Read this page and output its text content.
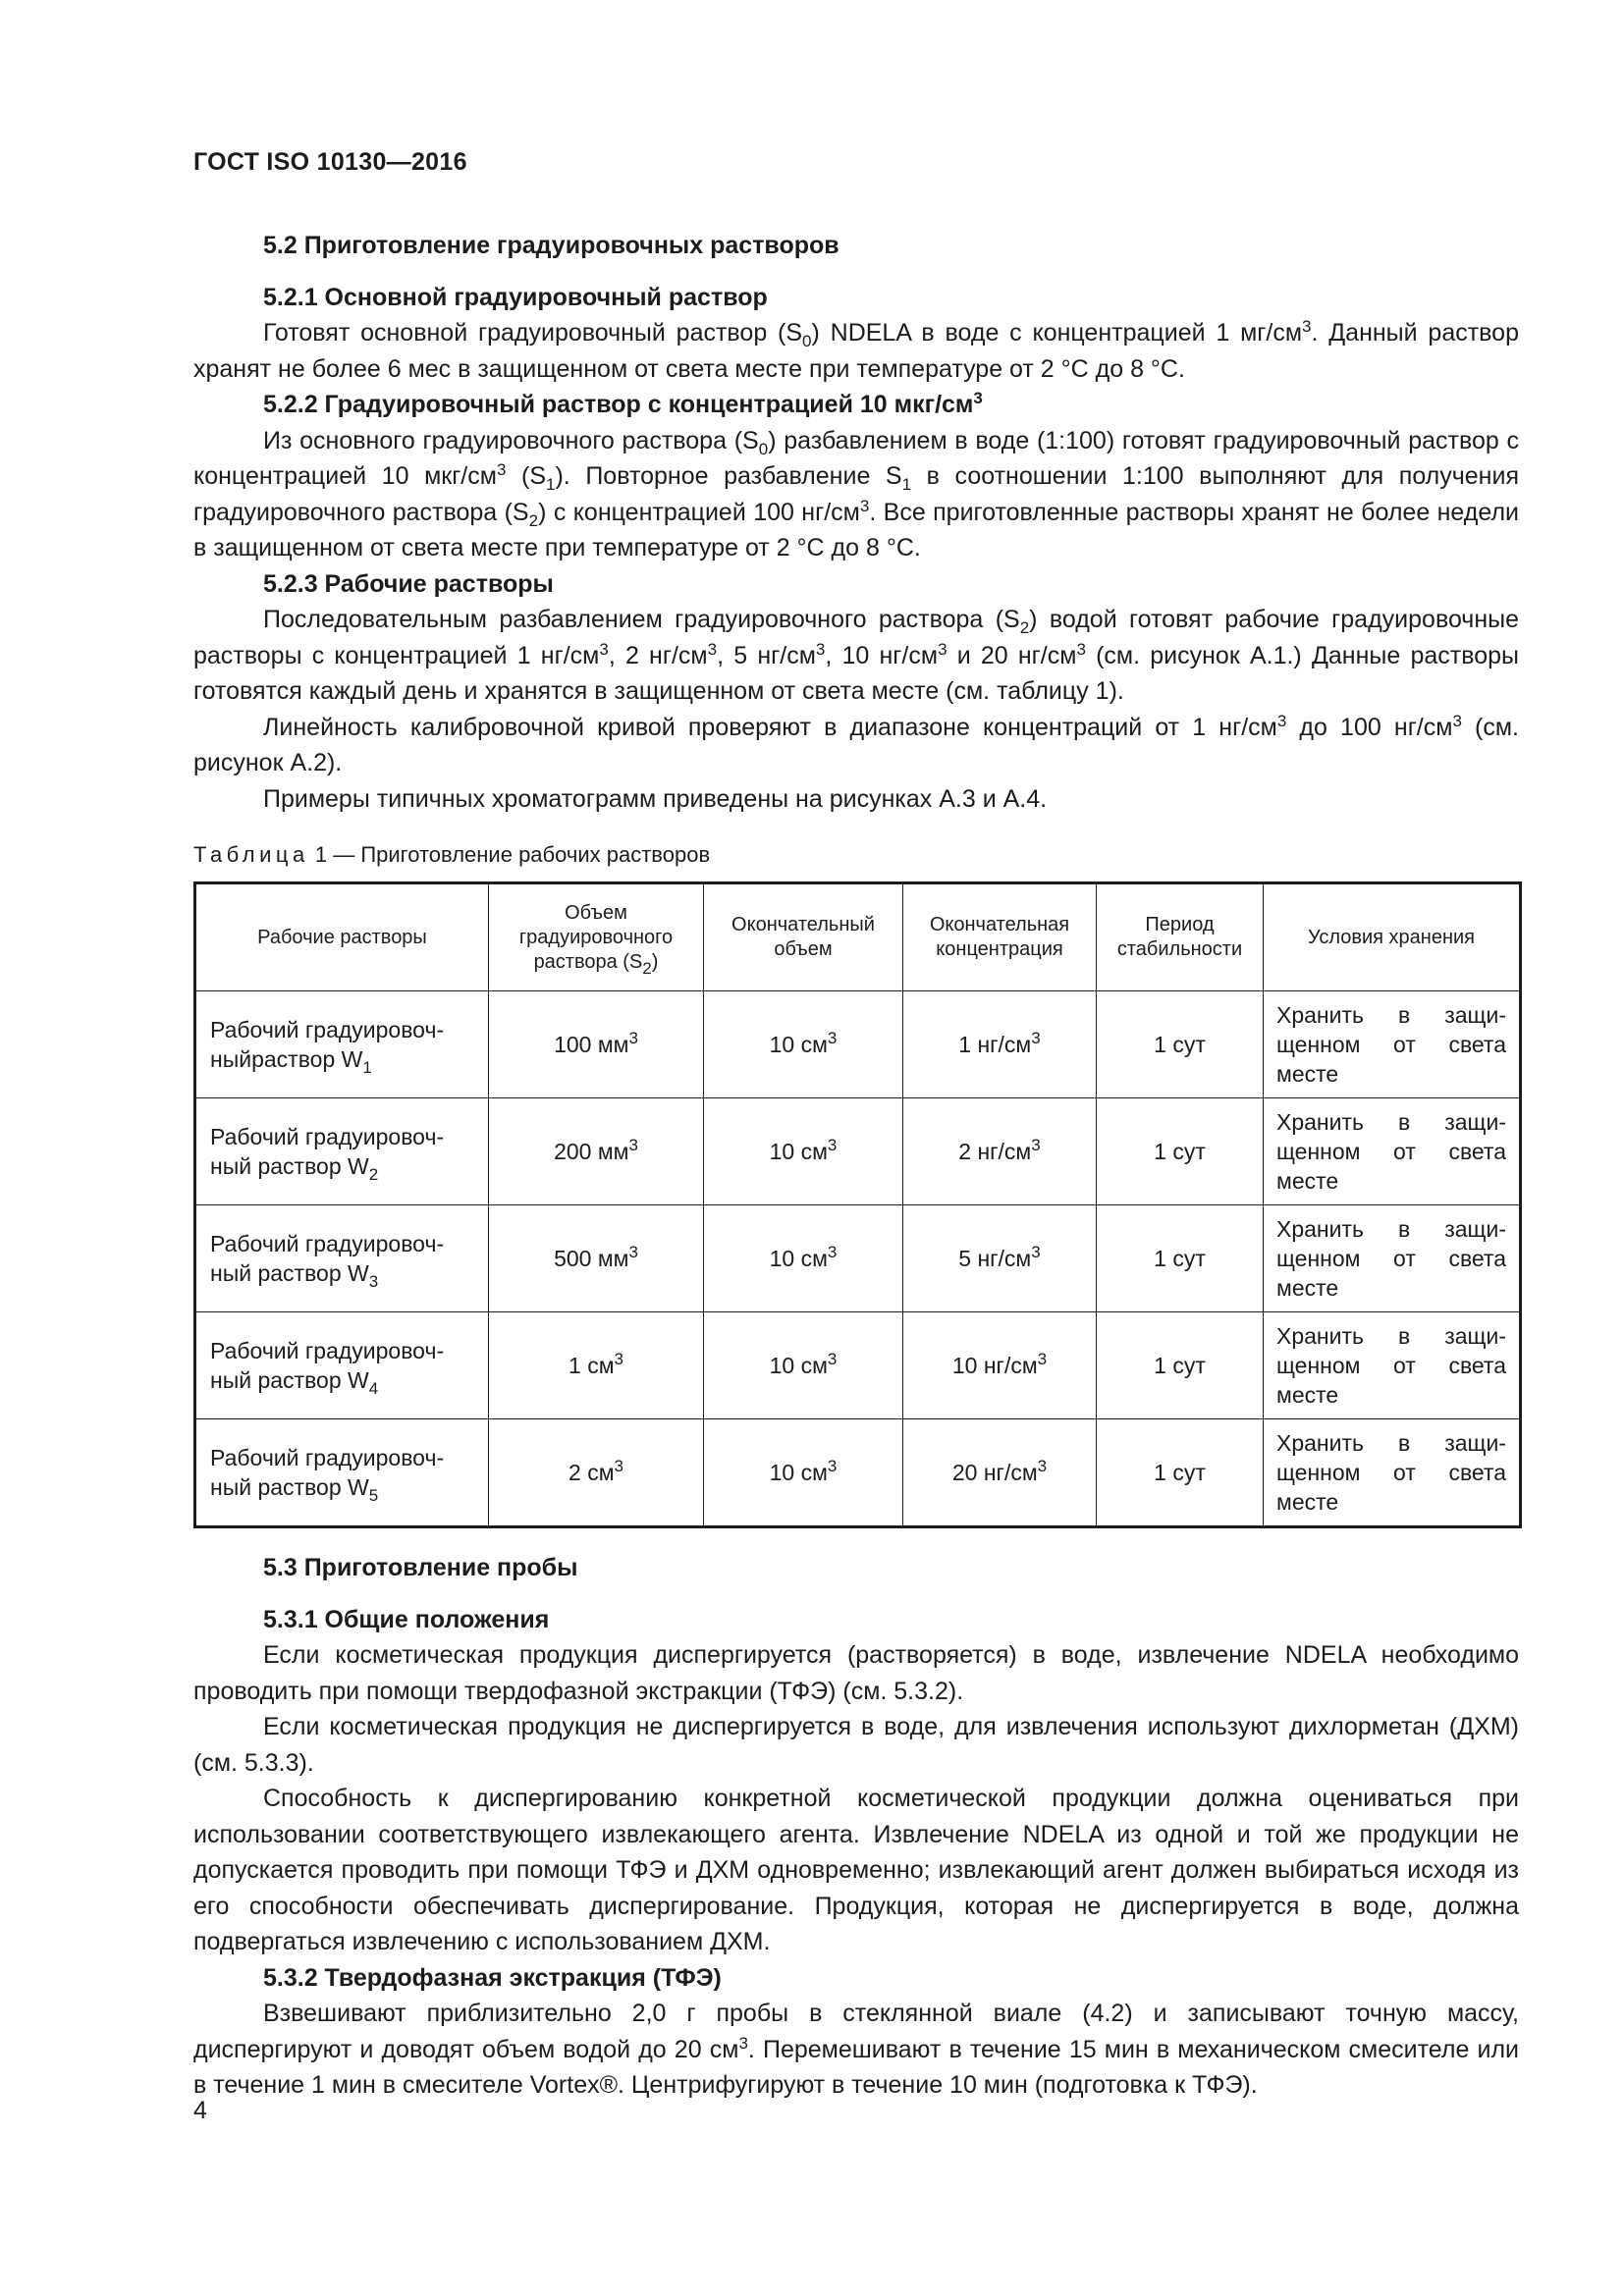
ГОСТ ISO 10130—2016
5.2 Приготовление градуировочных растворов
5.2.1 Основной градуировочный раствор

Готовят основной градуировочный раствор $(S_0)$ NDELA в воде с концентрацией 1 $мг/см^3$. Данный раствор хранят не более 6 мес в защищенном от света месте при температуре от 2 °С до 8 °С.

5.2.2 Градуировочный раствор с концентрацией 10 мкг/$см^3$

Из основного градуировочного раствора $(S_0)$ разбавлением в воде (1:100) готовят градуировочный раствор с концентрацией 10 мкг/$см^3$ $(S_1)$. Повторное разбавление $S_1$ в соотношении 1:100 выполняют для получения градуировочного раствора $(S_2)$ с концентрацией 100 $нг/см^3$. Все приготовленные растворы хранят не более недели в защищенном от света месте при температуре от 2 °С до 8 °С.

5.2.3 Рабочие растворы

Последовательным разбавлением градуировочного раствора $(S_2)$ водой готовят рабочие градуировочные растворы с концентрацией 1 $нг/см^3$, 2 $нг/см^3$, 5 $нг/см^3$, 10 $нг/см^3$ и 20 $нг/см^3$ (см. рисунок А.1.) Данные растворы готовятся каждый день и хранятся в защищенном от света месте (см. таблицу 1).

Линейность калибровочной кривой проверяют в диапазоне концентраций от 1 $нг/см^3$ до 100 $нг/см^3$ (см. рисунок А.2).

Примеры типичных хроматограмм приведены на рисунках А.3 и А.4.

Таблица 1 — Приготовление рабочих растворов
Рабочие растворы	Объем градуировочного раствора $(S_2)$	Окончательный объем	Окончательная концентрация	Период стабильности	Условия хранения
Рабочий градуировочныйраствор $W_1$	100 $мм^3$	10 $см^3$	1 $нг/см^3$	1 сут	Хранить в защищенном от света месте
Рабочий градуировочный раствор $W_2$	200 $мм^3$	10 $см^3$	2 $нг/см^3$	1 сут	Хранить в защищенном от света месте
Рабочий градуировочный раствор $W_3$	500 $мм^3$	10 $см^3$	5 $нг/см^3$	1 сут	Хранить в защищенном от света месте
Рабочий градуировочный раствор $W_4$	1 $см^3$	10 $см^3$	10 $нг/см^3$	1 сут	Хранить в защищенном от света месте
Рабочий градуировочный раствор $W_5$	2 $см^3$	10 $см^3$	20 $нг/см^3$	1 сут	Хранить в защищенном от света месте
5.3 Приготовление пробы
5.3.1 Общие положения

Если косметическая продукция диспергируется (растворяется) в воде, извлечение NDELA необходимо проводить при помощи твердофазной экстракции (ТФЭ) (см. 5.3.2).

Если косметическая продукция не диспергируется в воде, для извлечения используют дихлорметан (ДХМ) (см. 5.3.3).

Способность к диспергированию конкретной косметической продукции должна оцениваться при использовании соответствующего извлекающего агента. Извлечение NDELA из одной и той же продукции не допускается проводить при помощи ТФЭ и ДХМ одновременно; извлекающий агент должен выбираться исходя из его способности обеспечивать диспергирование. Продукция, которая не диспергируется в воде, должна подвергаться извлечению с использованием ДХМ.

5.3.2 Твердофазная экстракция (ТФЭ)

Взвешивают приблизительно 2,0 г пробы в стеклянной виале (4.2) и записывают точную массу, диспергируют и доводят объем водой до 20 $см^3$. Перемешивают в течение 15 мин в механическом смесителе или в течение 1 мин в смесителе Vortex®. Центрифугируют в течение 10 мин (подготовка к ТФЭ).

4
